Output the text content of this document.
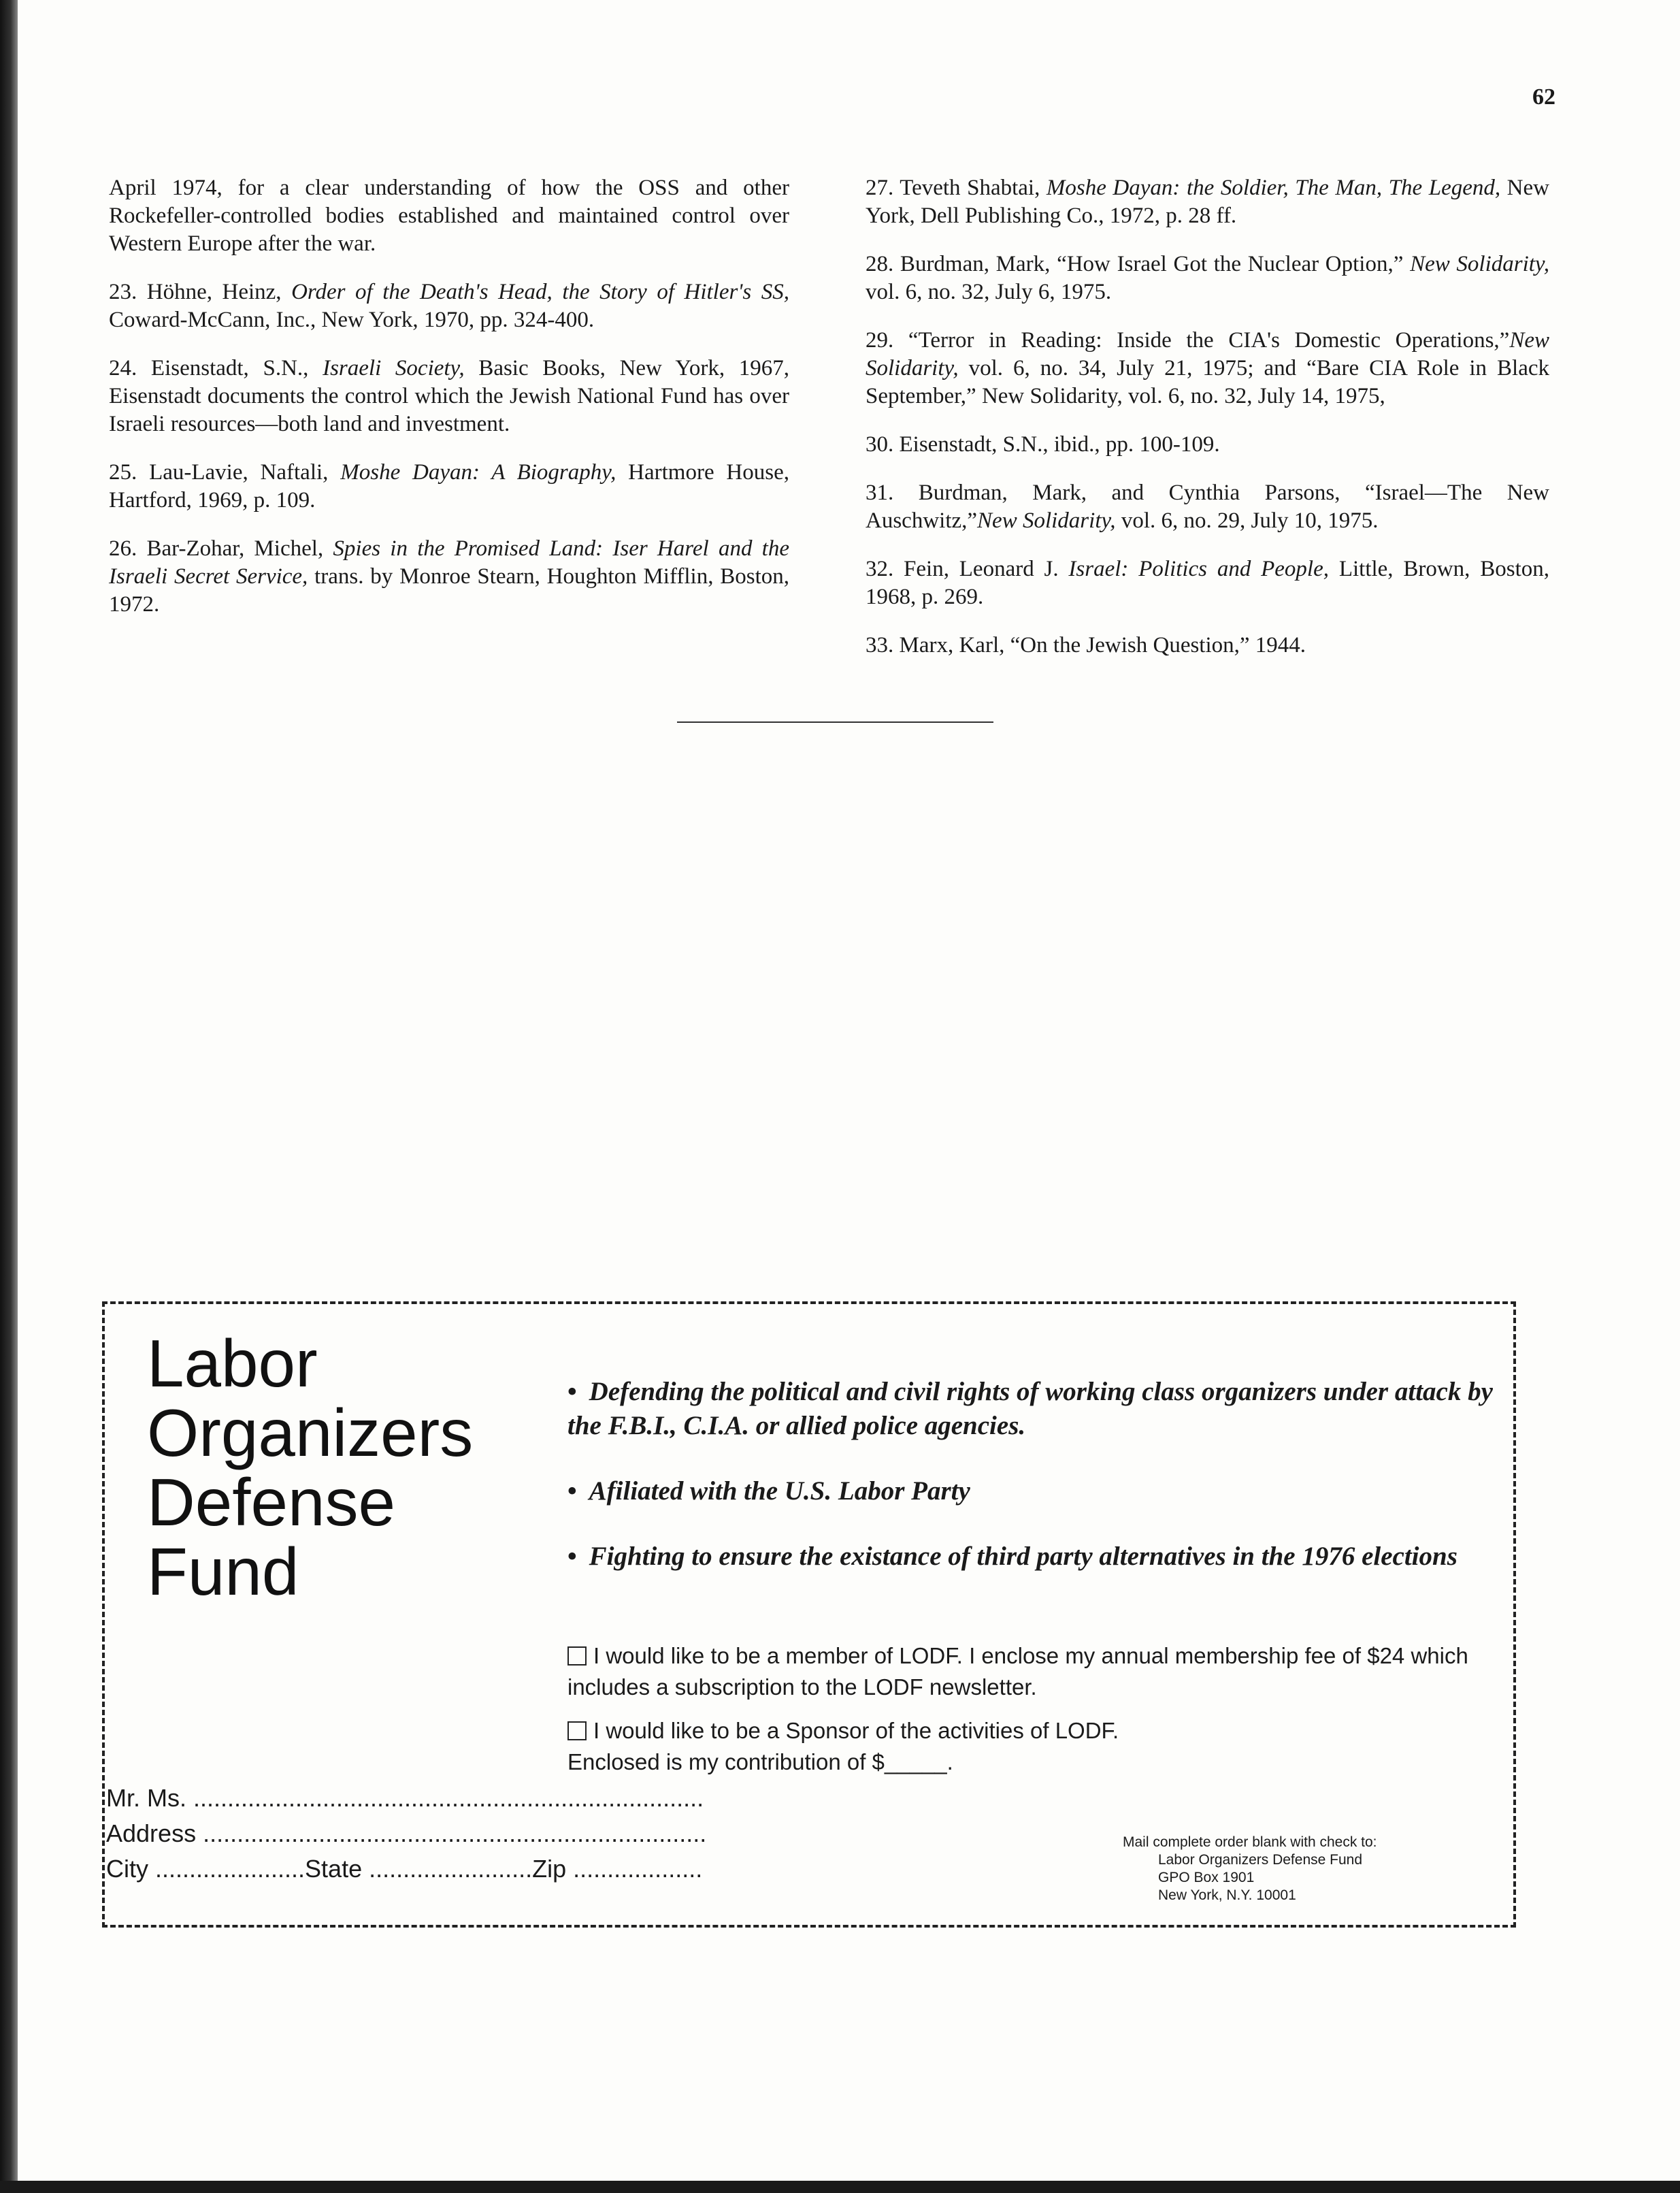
62

April 1974, for a clear understanding of how the OSS and other Rockefeller-controlled bodies established and maintained control over Western Europe after the war.

23. Höhne, Heinz, Order of the Death's Head, the Story of Hitler's SS, Coward-McCann, Inc., New York, 1970, pp. 324-400.

24. Eisenstadt, S.N., Israeli Society, Basic Books, New York, 1967, Eisenstadt documents the control which the Jewish National Fund has over Israeli resources—both land and investment.

25. Lau-Lavie, Naftali, Moshe Dayan: A Biography, Hartmore House, Hartford, 1969, p. 109.

26. Bar-Zohar, Michel, Spies in the Promised Land: Iser Harel and the Israeli Secret Service, trans. by Monroe Stearn, Houghton Mifflin, Boston, 1972.

27. Teveth Shabtai, Moshe Dayan: the Soldier, The Man, The Legend, New York, Dell Publishing Co., 1972, p. 28 ff.

28. Burdman, Mark, “How Israel Got the Nuclear Option,” New Solidarity, vol. 6, no. 32, July 6, 1975.

29. “Terror in Reading: Inside the CIA's Domestic Operations,”New Solidarity, vol. 6, no. 34, July 21, 1975; and “Bare CIA Role in Black September,” New Solidarity, vol. 6, no. 32, July 14, 1975,

30. Eisenstadt, S.N., ibid., pp. 100-109.

31. Burdman, Mark, and Cynthia Parsons, “Israel—The New Auschwitz,”New Solidarity, vol. 6, no. 29, July 10, 1975.

32. Fein, Leonard J. Israel: Politics and People, Little, Brown, Boston, 1968, p. 269.

33. Marx, Karl, “On the Jewish Question,” 1944.

Labor
Organizers
Defense
Fund
• Defending the political and civil rights of working class organizers under attack by the F.B.I., C.I.A. or allied police agencies.
• Afiliated with the U.S. Labor Party
• Fighting to ensure the existance of third party alternatives in the 1976 elections
I would like to be a member of LODF. I enclose my annual membership fee of $24 which includes a subscription to the LODF newsletter.
I would like to be a Sponsor of the activities of LODF.
Enclosed is my contribution of $_____.
Mr. Ms. ...........................................................................
Address ..........................................................................
City ......................State ........................Zip ...................
Mail complete order blank with check to:
Labor Organizers Defense Fund
GPO Box 1901
New York, N.Y. 10001
